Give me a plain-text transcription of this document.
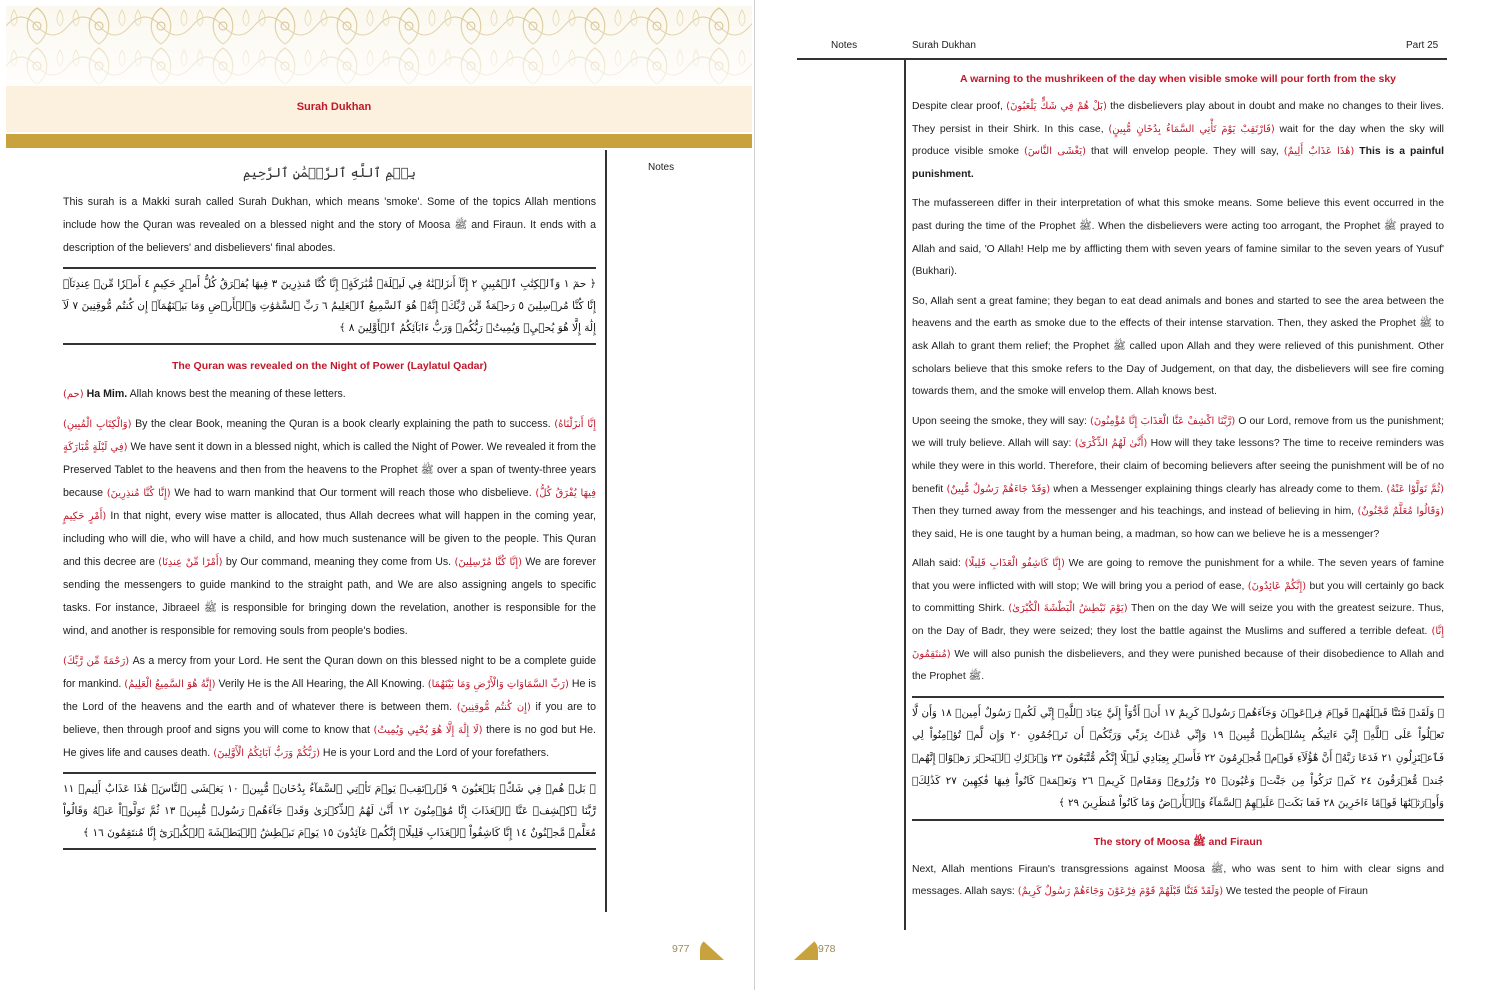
Surah Dukhan
Notes
بِسۡمِ ٱللَّهِ ٱلرَّحۡمَٰنِ ٱلرَّحِيمِ

This surah is a Makki surah called Surah Dukhan, which means 'smoke'. Some of the topics Allah mentions include how the Quran was revealed on a blessed night and the story of Moosa ﷺ and Firaun. It ends with a description of the believers' and disbelievers' final abodes.

﴿ حمٓ ١ وَٱلۡكِتَٰبِ ٱلۡمُبِينِ ٢ إِنَّآ أَنزَلۡنَٰهُ فِي لَيۡلَةٖ مُّبَٰرَكَةٍۚ إِنَّا كُنَّا مُنذِرِينَ ٣ فِيهَا يُفۡرَقُ كُلُّ أَمۡرٍ حَكِيمٍ ٤ أَمۡرٗا مِّنۡ عِندِنَآۚ إِنَّا كُنَّا مُرۡسِلِينَ ٥ رَحۡمَةٗ مِّن رَّبِّكَۚ إِنَّهُۥ هُوَ ٱلسَّمِيعُ ٱلۡعَلِيمُ ٦ رَبِّ ٱلسَّمَٰوَٰتِ وَٱلۡأَرۡضِ وَمَا بَيۡنَهُمَآۖ إِن كُنتُم مُّوقِنِينَ ٧ لَآ إِلَٰهَ إِلَّا هُوَ يُحۡيِۦ وَيُمِيتُۖ رَبُّكُمۡ وَرَبُّ ءَابَآئِكُمُ ٱلۡأَوَّلِينَ ٨ ﴾
The Quran was revealed on the Night of Power (Laylatul Qadar)

(حم) Ha Mim. Allah knows best the meaning of these letters.

(وَالْكِتَابِ الْمُبِينِ) By the clear Book, meaning the Quran is a book clearly explaining the path to success. (إِنَّا أَنزَلْنَاهُ فِي لَيْلَةٍ مُّبَارَكَةٍ) We have sent it down in a blessed night, which is called the Night of Power. We revealed it from the Preserved Tablet to the heavens and then from the heavens to the Prophet ﷺ over a span of twenty-three years because (إِنَّا كُنَّا مُنذِرِينَ) We had to warn mankind that Our torment will reach those who disbelieve. (فِيهَا يُفْرَقُ كُلُّ أَمْرٍ حَكِيمٍ) In that night, every wise matter is allocated, thus Allah decrees what will happen in the coming year, including who will die, who will have a child, and how much sustenance will be given to the people. This Quran and this decree are (أَمْرًا مِّنْ عِندِنَا) by Our command, meaning they come from Us. (إِنَّا كُنَّا مُرْسِلِينَ) We are forever sending the messengers to guide mankind to the straight path, and We are also assigning angels to specific tasks. For instance, Jibraeel ﷺ is responsible for bringing down the revelation, another is responsible for the wind, and another is responsible for removing souls from people's bodies.

(رَحْمَةً مِّن رَّبِّكَ) As a mercy from your Lord. He sent the Quran down on this blessed night to be a complete guide for mankind. (إِنَّهُ هُوَ السَّمِيعُ الْعَلِيمُ) Verily He is the All Hearing, the All Knowing. (رَبِّ السَّمَاوَاتِ وَالْأَرْضِ وَمَا بَيْنَهُمَا) He is the Lord of the heavens and the earth and of whatever there is between them. (إِن كُنتُم مُّوقِنِينَ) if you are to believe, then through proof and signs you will come to know that (لَا إِلَٰهَ إِلَّا هُوَ يُحْيِي وَيُمِيتُ) there is no god but He. He gives life and causes death. (رَبُّكُمْ وَرَبُّ آبَائِكُمُ الْأَوَّلِينَ) He is your Lord and the Lord of your forefathers.

﴿ بَلۡ هُمۡ فِي شَكّٖ يَلۡعَبُونَ ٩ فَٱرۡتَقِبۡ يَوۡمَ تَأۡتِي ٱلسَّمَآءُ بِدُخَانٖ مُّبِينٖ ١٠ يَغۡشَى ٱلنَّاسَۖ هَٰذَا عَذَابٌ أَلِيمٞ ١١ رَّبَّنَا ٱكۡشِفۡ عَنَّا ٱلۡعَذَابَ إِنَّا مُؤۡمِنُونَ ١٢ أَنَّىٰ لَهُمُ ٱلذِّكۡرَىٰ وَقَدۡ جَآءَهُمۡ رَسُولٞ مُّبِينٞ ١٣ ثُمَّ تَوَلَّوۡاْ عَنۡهُ وَقَالُواْ مُعَلَّمٞ مَّجۡنُونٌ ١٤ إِنَّا كَاشِفُواْ ٱلۡعَذَابِ قَلِيلًاۚ إِنَّكُمۡ عَآئِدُونَ ١٥ يَوۡمَ نَبۡطِشُ ٱلۡبَطۡشَةَ ٱلۡكُبۡرَىٰٓ إِنَّا مُنتَقِمُونَ ١٦ ﴾
977
Notes	Surah Dukhan	Part 25
A warning to the mushrikeen of the day when visible smoke will pour forth from the sky

Despite clear proof, (بَلْ هُمْ فِي شَكٍّ يَلْعَبُونَ) the disbelievers play about in doubt and make no changes to their lives. They persist in their Shirk. In this case, (فَارْتَقِبْ يَوْمَ تَأْتِي السَّمَاءُ بِدُخَانٍ مُّبِينٍ) wait for the day when the sky will produce visible smoke (يَغْشَى النَّاسَ) that will envelop people. They will say, (هَٰذَا عَذَابٌ أَلِيمٌ) This is a painful punishment.

The mufassereen differ in their interpretation of what this smoke means. Some believe this event occurred in the past during the time of the Prophet ﷺ. When the disbelievers were acting too arrogant, the Prophet ﷺ prayed to Allah and said, 'O Allah! Help me by afflicting them with seven years of famine similar to the seven years of Yusuf' (Bukhari).

So, Allah sent a great famine; they began to eat dead animals and bones and started to see the area between the heavens and the earth as smoke due to the effects of their intense starvation. Then, they asked the Prophet ﷺ to ask Allah to grant them relief; the Prophet ﷺ called upon Allah and they were relieved of this punishment. Other scholars believe that this smoke refers to the Day of Judgement, on that day, the disbelievers will see fire coming towards them, and the smoke will envelop them. Allah knows best.

Upon seeing the smoke, they will say: (رَّبَّنَا اكْشِفْ عَنَّا الْعَذَابَ إِنَّا مُؤْمِنُونَ) O our Lord, remove from us the punishment; we will truly believe. Allah will say: (أَنَّىٰ لَهُمُ الذِّكْرَىٰ) How will they take lessons? The time to receive reminders was while they were in this world. Therefore, their claim of becoming believers after seeing the punishment will be of no benefit (وَقَدْ جَاءَهُمْ رَسُولٌ مُّبِينٌ) when a Messenger explaining things clearly has already come to them. (ثُمَّ تَوَلَّوْا عَنْهُ) Then they turned away from the messenger and his teachings, and instead of believing in him, (وَقَالُوا مُعَلَّمٌ مَّجْنُونٌ) they said, He is one taught by a human being, a madman, so how can we believe he is a messenger?

Allah said: (إِنَّا كَاشِفُو الْعَذَابِ قَلِيلًا) We are going to remove the punishment for a while. The seven years of famine that you were inflicted with will stop; We will bring you a period of ease, (إِنَّكُمْ عَائِدُونَ) but you will certainly go back to committing Shirk. (يَوْمَ نَبْطِشُ الْبَطْشَةَ الْكُبْرَىٰ) Then on the day We will seize you with the greatest seizure. Thus, on the Day of Badr, they were seized; they lost the battle against the Muslims and suffered a terrible defeat. (إِنَّا مُنتَقِمُونَ) We will also punish the disbelievers, and they were punished because of their disobedience to Allah and the Prophet ﷺ.

﴿ وَلَقَدۡ فَتَنَّا قَبۡلَهُمۡ قَوۡمَ فِرۡعَوۡنَ وَجَآءَهُمۡ رَسُولٞ كَرِيمٌ ١٧ أَنۡ أَدُّوٓاْ إِلَيَّ عِبَادَ ٱللَّهِۖ إِنِّي لَكُمۡ رَسُولٌ أَمِينٞ ١٨ وَأَن لَّا تَعۡلُواْ عَلَى ٱللَّهِۖ إِنِّيٓ ءَاتِيكُم بِسُلۡطَٰنٖ مُّبِينٖ ١٩ وَإِنِّي عُذۡتُ بِرَبِّي وَرَبِّكُمۡ أَن تَرۡجُمُونِ ٢٠ وَإِن لَّمۡ تُؤۡمِنُواْ لِي فَٱعۡتَزِلُونِ ٢١ فَدَعَا رَبَّهُۥٓ أَنَّ هَٰٓؤُلَآءِ قَوۡمٞ مُّجۡرِمُونَ ٢٢ فَأَسۡرِ بِعِبَادِي لَيۡلًا إِنَّكُم مُّتَّبَعُونَ ٢٣ وَٱتۡرُكِ ٱلۡبَحۡرَ رَهۡوًاۖ إِنَّهُمۡ جُندٞ مُّغۡرَقُونَ ٢٤ كَمۡ تَرَكُواْ مِن جَنَّٰتٖ وَعُيُونٖ ٢٥ وَزُرُوعٖ وَمَقَامٖ كَرِيمٖ ٢٦ وَنَعۡمَةٖ كَانُواْ فِيهَا فَٰكِهِينَ ٢٧ كَذَٰلِكَۖ وَأَوۡرَثۡنَٰهَا قَوۡمًا ءَاخَرِينَ ٢٨ فَمَا بَكَتۡ عَلَيۡهِمُ ٱلسَّمَآءُ وَٱلۡأَرۡضُ وَمَا كَانُواْ مُنظَرِينَ ٢٩ ﴾
The story of Moosa ﷺ and Firaun

Next, Allah mentions Firaun's transgressions against Moosa ﷺ, who was sent to him with clear signs and messages. Allah says: (وَلَقَدْ فَتَنَّا قَبْلَهُمْ قَوْمَ فِرْعَوْنَ وَجَاءَهُمْ رَسُولٌ كَرِيمٌ) We tested the people of Firaun

978
